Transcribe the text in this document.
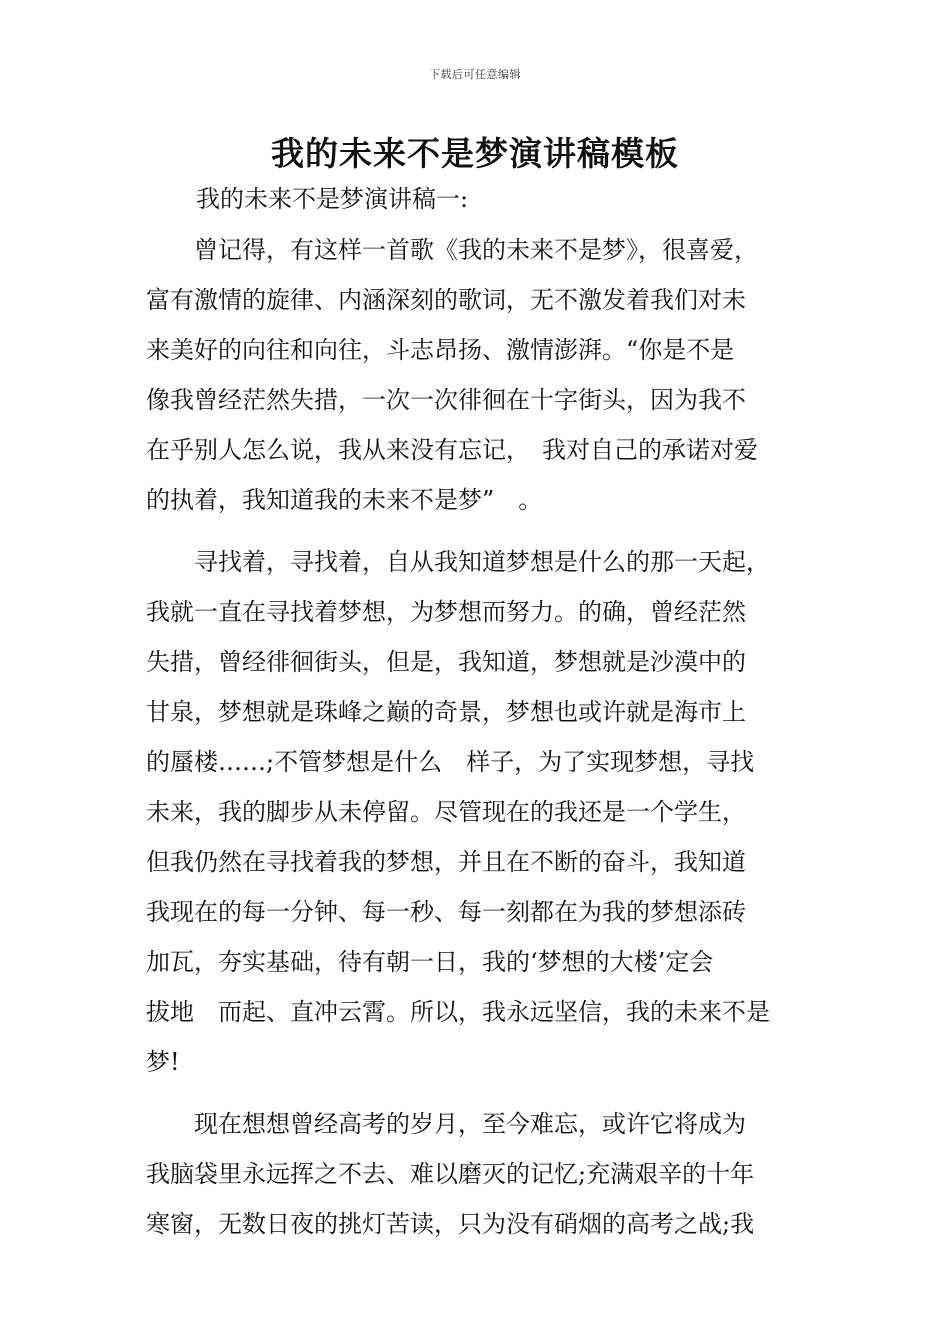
下载后可任意编辑
我的未来不是梦演讲稿模板
我的未来不是梦演讲稿一:
　　曾记得，有这样一首歌《我的未来不是梦》，很喜爱，
富有激情的旋律、内涵深刻的歌词，无不激发着我们对未
来美好的向往和向往，斗志昂扬、激情澎湃。“你是不是
像我曾经茫然失措，一次一次徘徊在十字街头，因为我不
在乎别人怎么说，我从来没有忘记，　我对自己的承诺对爱
的执着，我知道我的未来不是梦”　。
　　寻找着，寻找着，自从我知道梦想是什么的那一天起，
我就一直在寻找着梦想，为梦想而努力。的确，曾经茫然
失措，曾经徘徊街头，但是，我知道，梦想就是沙漠中的
甘泉，梦想就是珠峰之巅的奇景，梦想也或许就是海市上
的蜃楼……;不管梦想是什么　样子，为了实现梦想，寻找
未来，我的脚步从未停留。尽管现在的我还是一个学生，
但我仍然在寻找着我的梦想，并且在不断的奋斗，我知道
我现在的每一分钟、每一秒、每一刻都在为我的梦想添砖
加瓦，夯实基础，待有朝一日，我的‘梦想的大楼’定会
拔地　而起、直冲云霄。所以，我永远坚信，我的未来不是
梦!
　　现在想想曾经高考的岁月，至今难忘，或许它将成为
我脑袋里永远挥之不去、难以磨灭的记忆;充满艰辛的十年
寒窗，无数日夜的挑灯苦读，只为没有硝烟的高考之战;我
